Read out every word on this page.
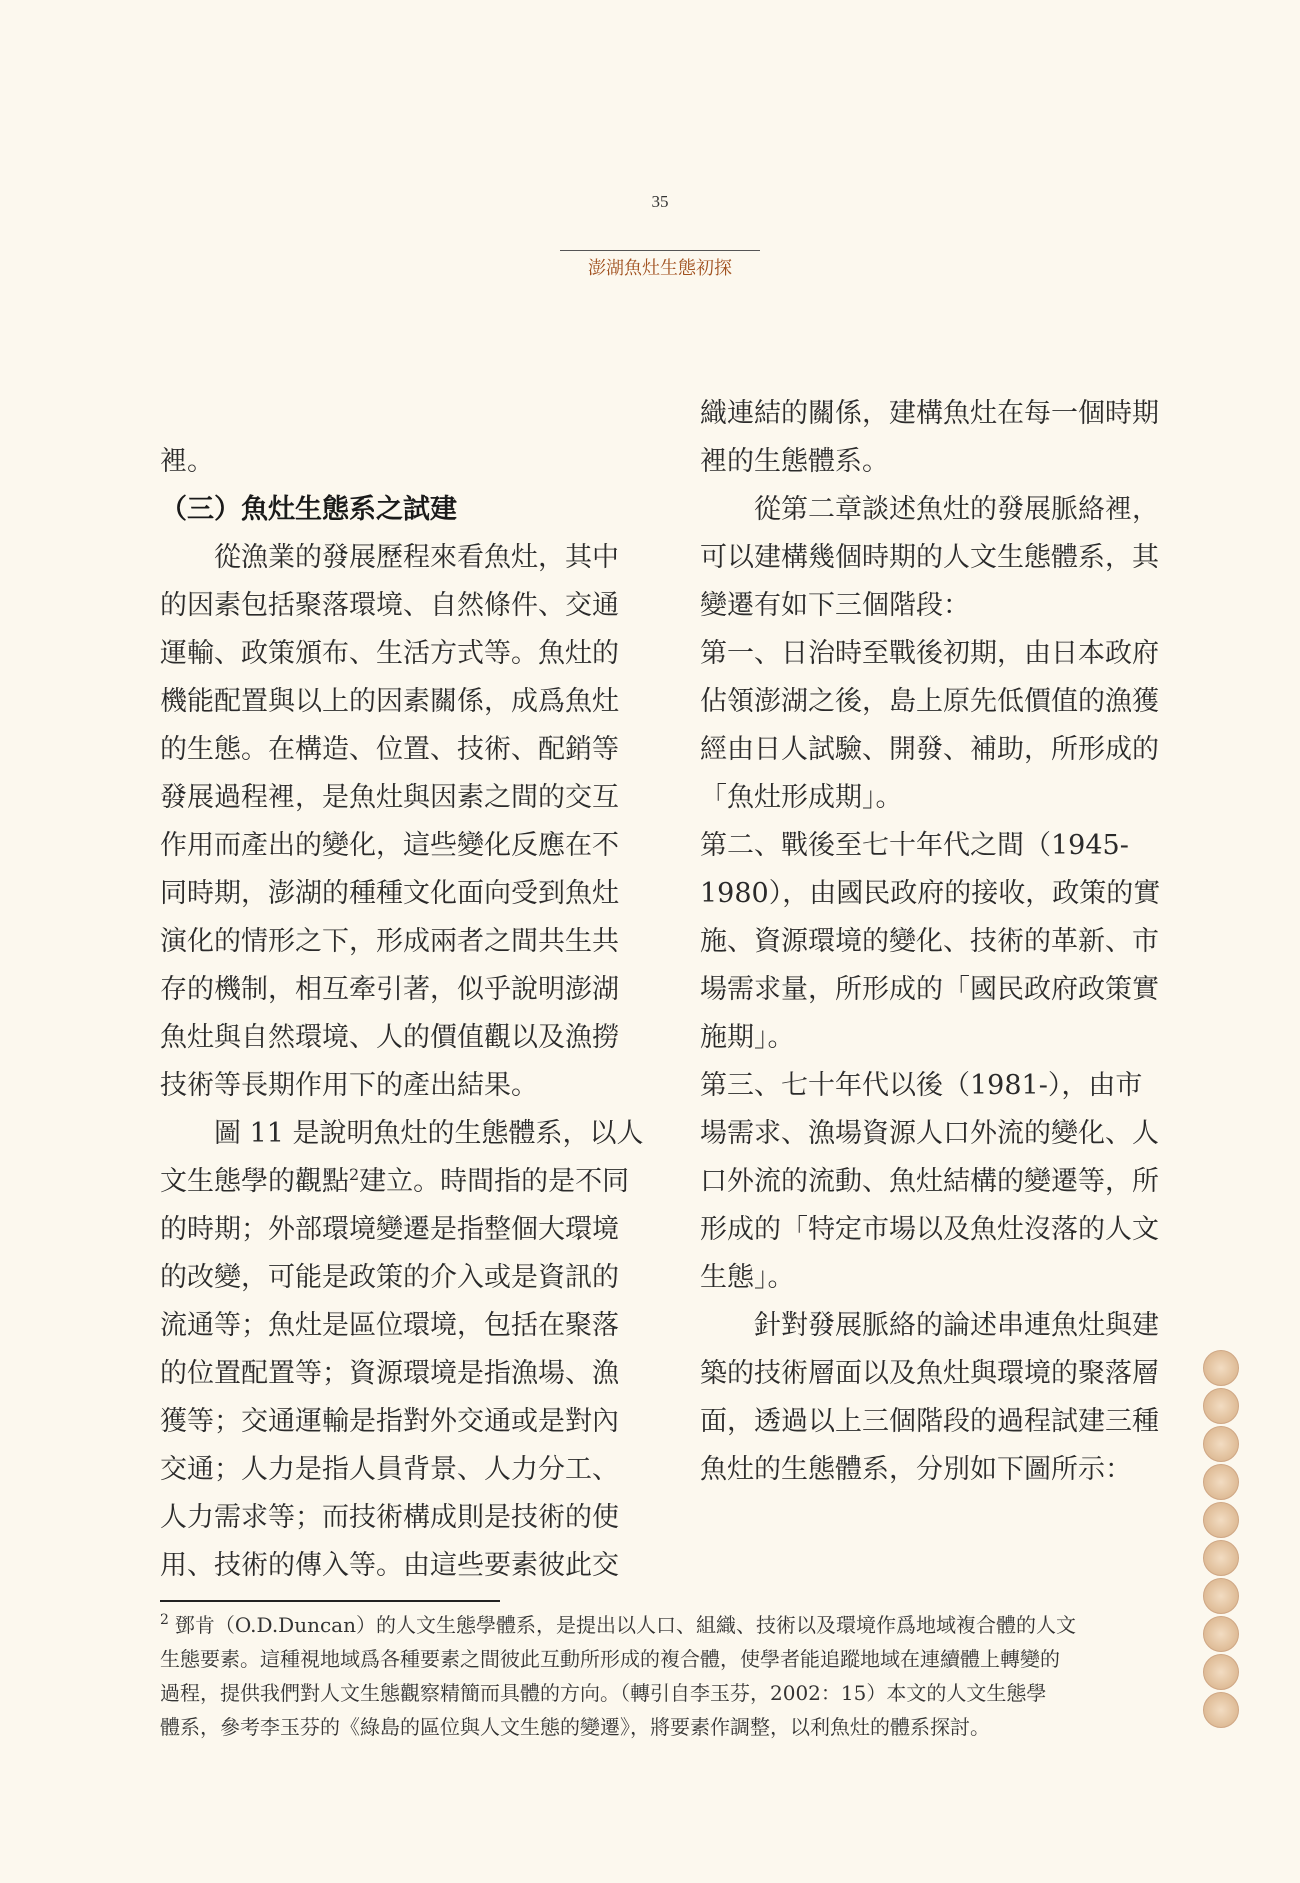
35
澎湖魚灶生態初探
裡。
（三）魚灶生態系之試建
從漁業的發展歷程來看魚灶，其中
的因素包括聚落環境、自然條件、交通
運輸、政策頒布、生活方式等。魚灶的
機能配置與以上的因素關係，成爲魚灶
的生態。在構造、位置、技術、配銷等
發展過程裡，是魚灶與因素之間的交互
作用而產出的變化，這些變化反應在不
同時期，澎湖的種種文化面向受到魚灶
演化的情形之下，形成兩者之間共生共
存的機制，相互牽引著，似乎說明澎湖
魚灶與自然環境、人的價值觀以及漁撈
技術等長期作用下的產出結果。
圖 11 是說明魚灶的生態體系，以人
文生態學的觀點$^2$建立。時間指的是不同
的時期；外部環境變遷是指整個大環境
的改變，可能是政策的介入或是資訊的
流通等；魚灶是區位環境，包括在聚落
的位置配置等；資源環境是指漁場、漁
獲等；交通運輸是指對外交通或是對內
交通；人力是指人員背景、人力分工、
人力需求等；而技術構成則是技術的使
用、技術的傳入等。由這些要素彼此交
織連結的關係，建構魚灶在每一個時期
裡的生態體系。
從第二章談述魚灶的發展脈絡裡，
可以建構幾個時期的人文生態體系，其
變遷有如下三個階段：
第一、日治時至戰後初期，由日本政府
佔領澎湖之後，島上原先低價值的漁獲
經由日人試驗、開發、補助，所形成的
「魚灶形成期」。
第二、戰後至七十年代之間（1945-
1980），由國民政府的接收，政策的實
施、資源環境的變化、技術的革新、市
場需求量，所形成的「國民政府政策實
施期」。
第三、七十年代以後（1981-），由市
場需求、漁場資源人口外流的變化、人
口外流的流動、魚灶結構的變遷等，所
形成的「特定市場以及魚灶沒落的人文
生態」。
針對發展脈絡的論述串連魚灶與建
築的技術層面以及魚灶與環境的聚落層
面，透過以上三個階段的過程試建三種
魚灶的生態體系，分別如下圖所示：
$^2$ 鄧肯（O.D.Duncan）的人文生態學體系，是提出以人口、組織、技術以及環境作爲地域複合體的人文
生態要素。這種視地域爲各種要素之間彼此互動所形成的複合體，使學者能追蹤地域在連續體上轉變的
過程，提供我們對人文生態觀察精簡而具體的方向。（轉引自李玉芬，2002：15）本文的人文生態學
體系，參考李玉芬的《綠島的區位與人文生態的變遷》，將要素作調整，以利魚灶的體系探討。
